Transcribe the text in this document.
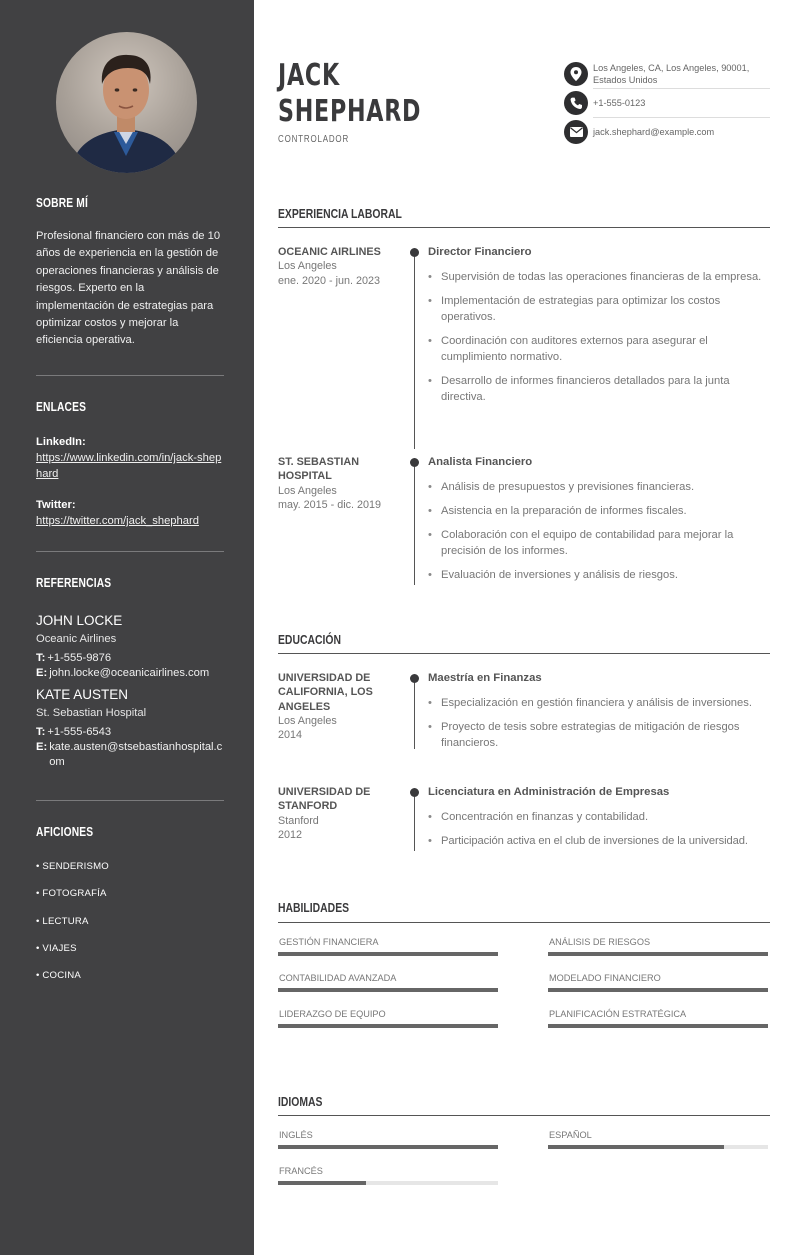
SOBRE MÍ
Profesional financiero con más de 10 años de experiencia en la gestión de operaciones financieras y análisis de riesgos. Experto en la implementación de estrategias para optimizar costos y mejorar la eficiencia operativa.
ENLACES
LinkedIn:
https://www.linkedin.com/in/jack-shephard
Twitter:
https://twitter.com/jack_shephard
REFERENCIAS
JOHN LOCKE
Oceanic Airlines
T: +1-555-9876
E: john.locke@oceanicairlines.com
KATE AUSTEN
St. Sebastian Hospital
T: +1-555-6543
E: kate.austen@stsebastianhospital.com
AFICIONES
• SENDERISMO
• FOTOGRAFÍA
• LECTURA
• VIAJES
• COCINA
JACK
SHEPHARD
CONTROLADOR
Los Angeles, CA, Los Angeles, 90001,
Estados Unidos
+1-555-0123
jack.shephard@example.com
EXPERIENCIA LABORAL
OCEANIC AIRLINES
Los Angeles
ene. 2020 - jun. 2023
Director Financiero
• Supervisión de todas las operaciones financieras de la empresa.
• Implementación de estrategias para optimizar los costos operativos.
• Coordinación con auditores externos para asegurar el cumplimiento normativo.
• Desarrollo de informes financieros detallados para la junta directiva.
ST. SEBASTIAN HOSPITAL
Los Angeles
may. 2015 - dic. 2019
Analista Financiero
• Análisis de presupuestos y previsiones financieras.
• Asistencia en la preparación de informes fiscales.
• Colaboración con el equipo de contabilidad para mejorar la precisión de los informes.
• Evaluación de inversiones y análisis de riesgos.
EDUCACIÓN
UNIVERSIDAD DE CALIFORNIA, LOS ANGELES
Los Angeles
2014
Maestría en Finanzas
• Especialización en gestión financiera y análisis de inversiones.
• Proyecto de tesis sobre estrategias de mitigación de riesgos financieros.
UNIVERSIDAD DE STANFORD
Stanford
2012
Licenciatura en Administración de Empresas
• Concentración en finanzas y contabilidad.
• Participación activa en el club de inversiones de la universidad.
HABILIDADES
GESTIÓN FINANCIERA	ANÁLISIS DE RIESGOS
CONTABILIDAD AVANZADA	MODELADO FINANCIERO
LIDERAZGO DE EQUIPO	PLANIFICACIÓN ESTRATÉGICA
IDIOMAS
INGLÉS	ESPAÑOL
FRANCÉS
